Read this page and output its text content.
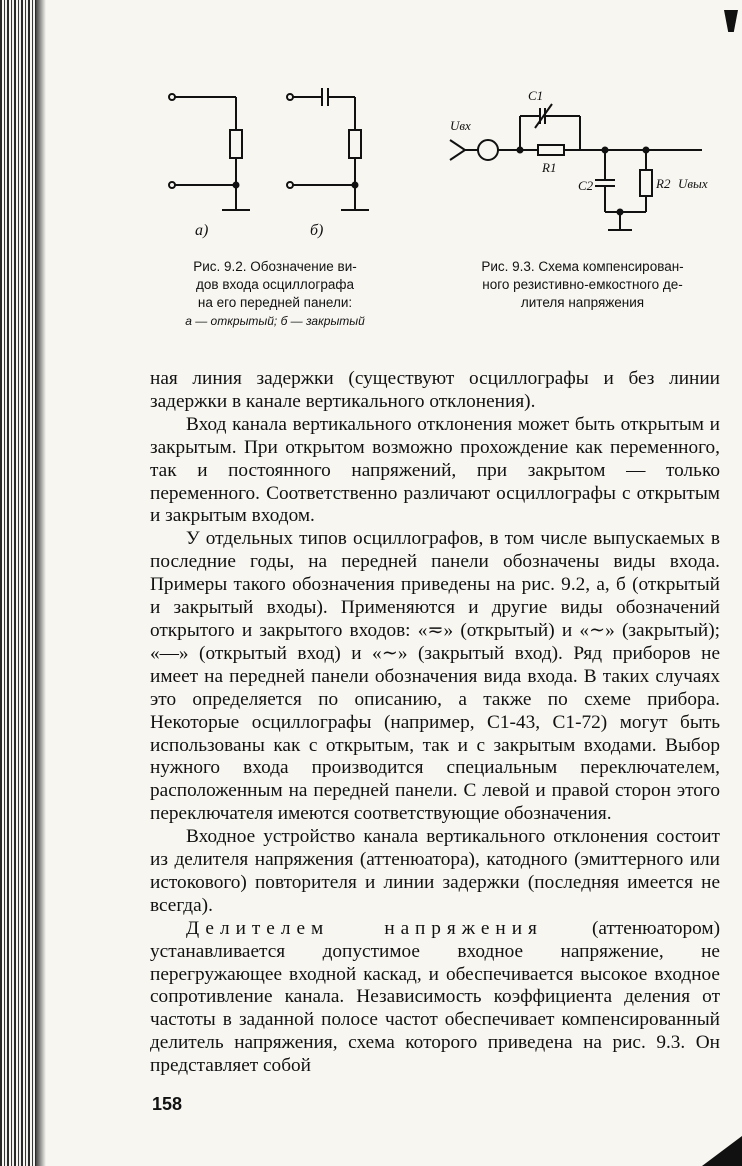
а)	б)
Uвх
C1
R1
C2	R2 Uвых
Рис. 9.2. Обозначение ви-
дов входа осциллографа
на его передней панели:
а — открытый; б — закрытый
Рис. 9.3. Схема компенсирован-
ного резистивно-емкостного де-
лителя напряжения

ная линия задержки (существуют осциллографы и без линии задержки в канале вертикального отклонения).

Вход канала вертикального отклонения может быть открытым и закрытым. При открытом возможно прохождение как переменного, так и постоянного напряжений, при закрытом — только переменного. Соответственно различают осциллографы с открытым и закрытым входом.

У отдельных типов осциллографов, в том числе выпускаемых в последние годы, на передней панели обозначены виды входа. Примеры такого обозначения приведены на рис. 9.2, а, б (открытый и закрытый входы). Применяются и другие виды обозначений открытого и закрытого входов: «≂» (открытый) и «∼» (закрытый); «—» (открытый вход) и «∼» (закрытый вход). Ряд приборов не имеет на передней панели обозначения вида входа. В таких случаях это определяется по описанию, а также по схеме прибора. Некоторые осциллографы (например, С1-43, С1-72) могут быть использованы как с открытым, так и с закрытым входами. Выбор нужного входа производится специальным переключателем, расположенным на передней панели. С левой и правой сторон этого переключателя имеются соответствующие обозначения.

Входное устройство канала вертикального отклонения состоит из делителя напряжения (аттенюатора), катодного (эмиттерного или истокового) повторителя и линии задержки (последняя имеется не всегда).

Делителем напряжения (аттенюатором) устанавливается допустимое входное напряжение, не перегружающее входной каскад, и обеспечивается высокое входное сопротивление канала. Независимость коэффициента деления от частоты в заданной полосе частот обеспечивает компенсированный делитель напряжения, схема которого приведена на рис. 9.3. Он представляет собой

158
